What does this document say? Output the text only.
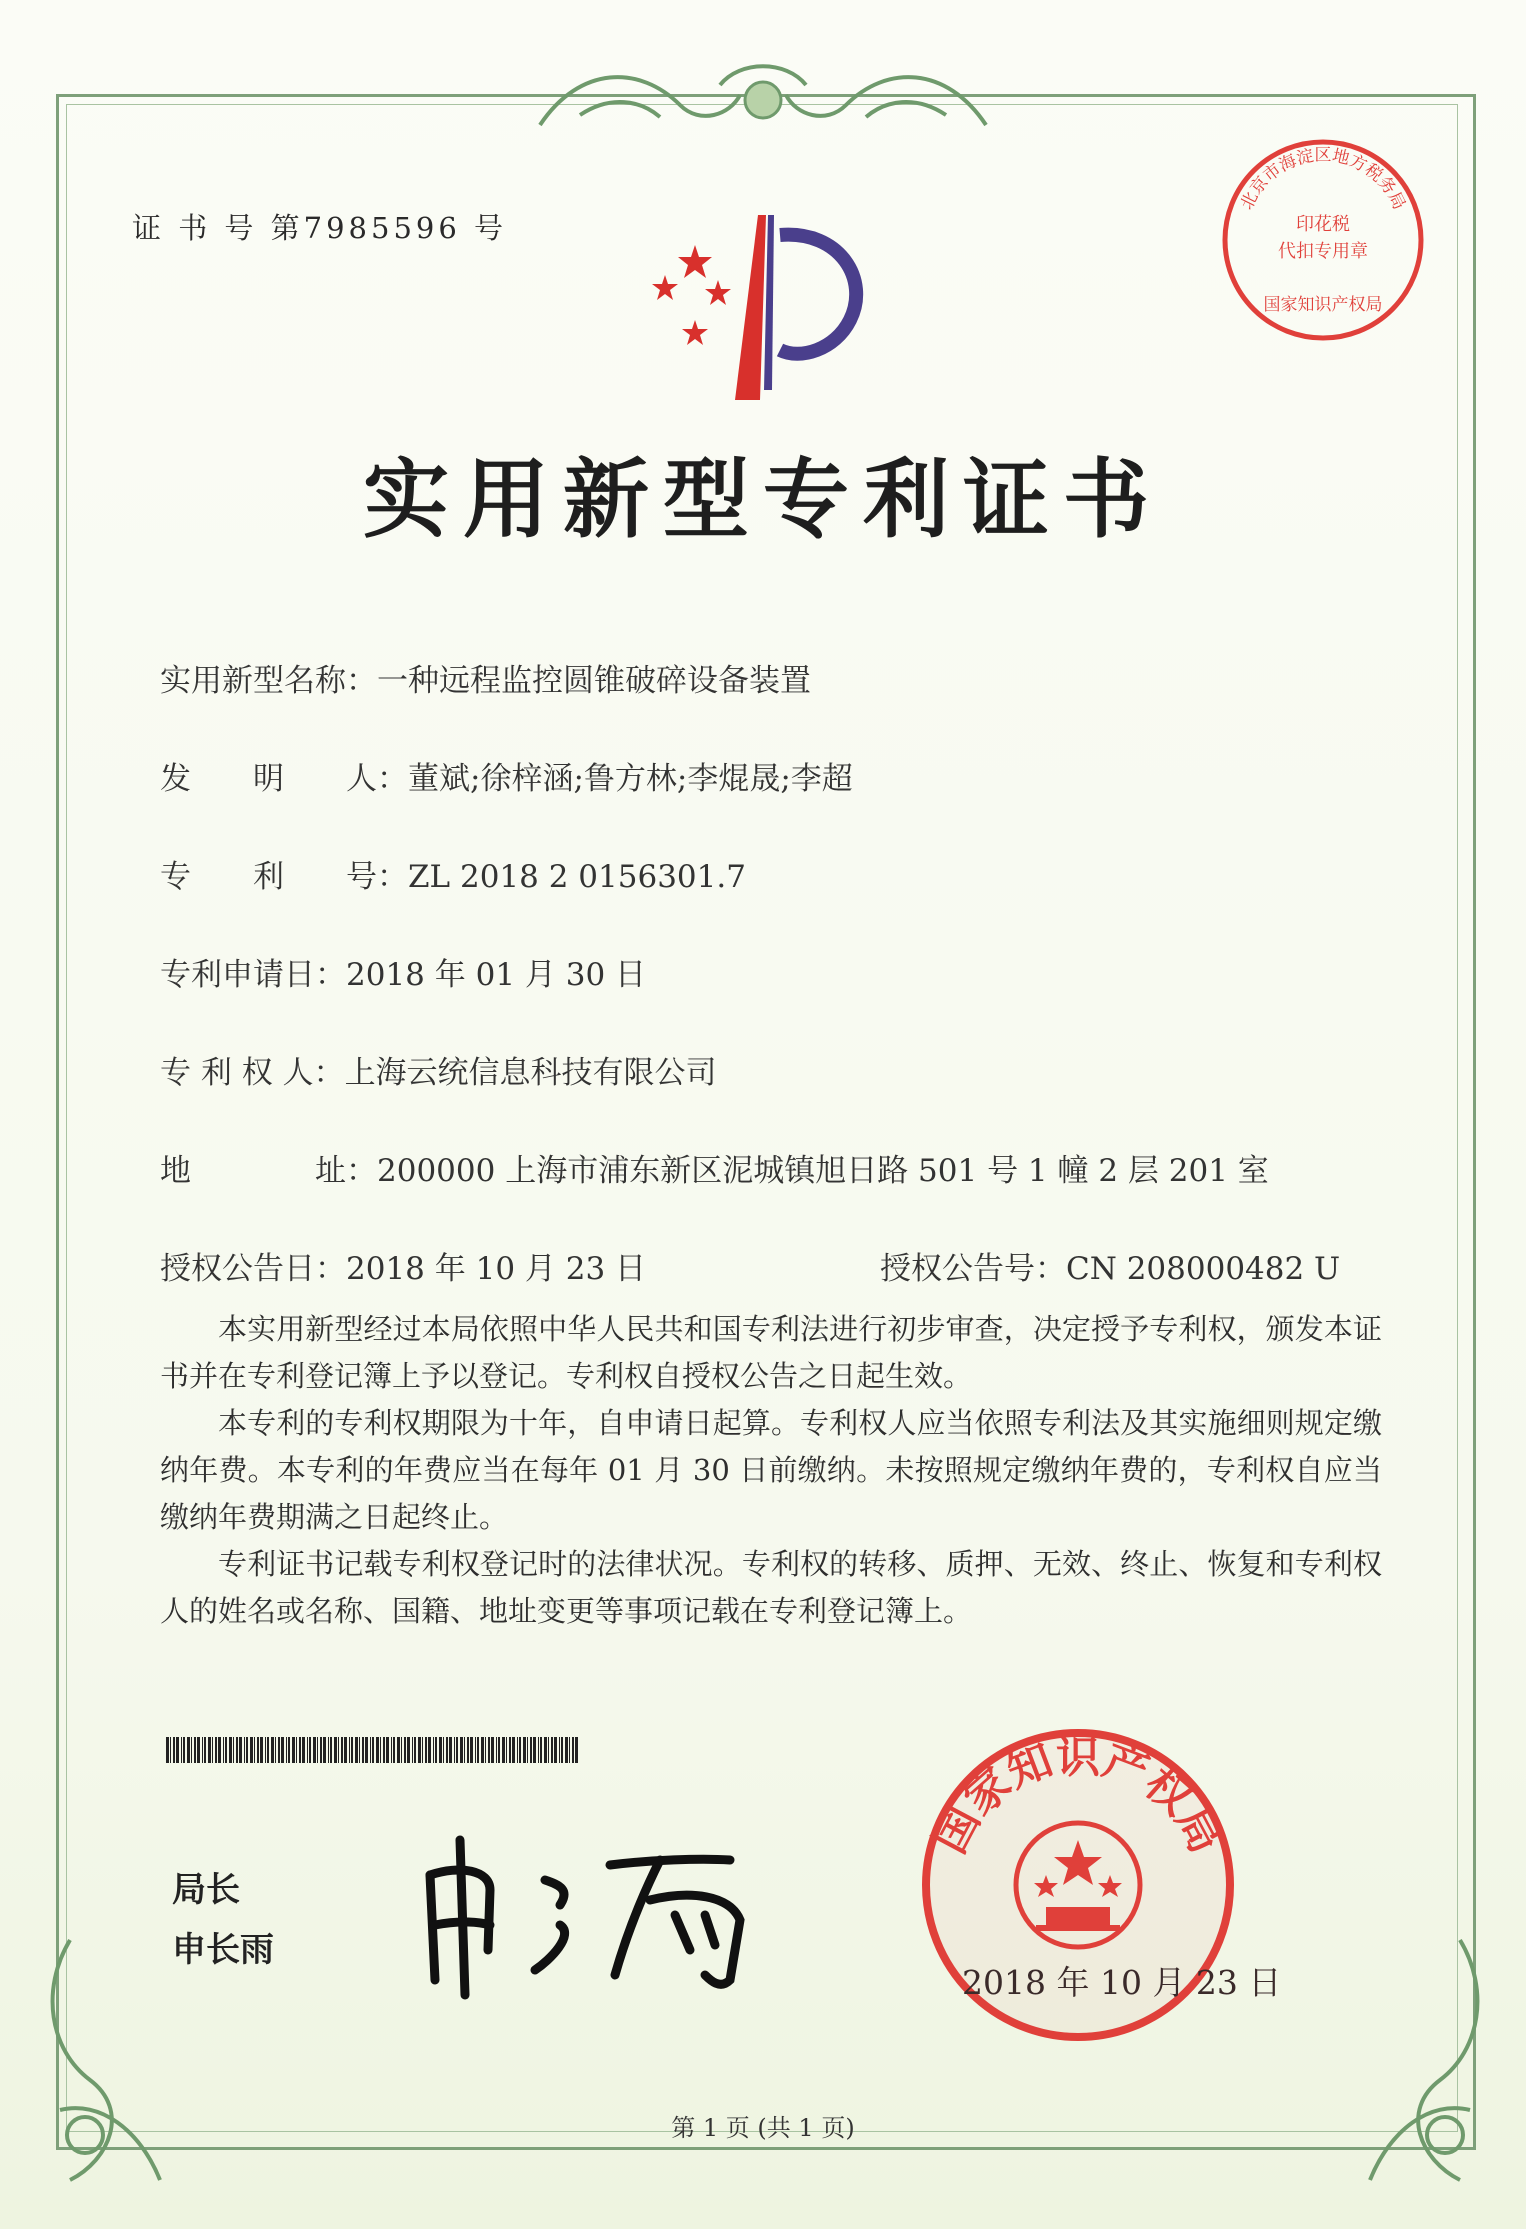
证 书 号 第7985596 号
实用新型专利证书
实用新型名称：一种远程监控圆锥破碎设备装置
发　　明　　人：董斌;徐梓涵;鲁方林;李焜晟;李超
专　　利　　号：ZL 2018 2 0156301.7
专利申请日：2018 年 01 月 30 日
专 利 权 人：上海云统信息科技有限公司
地　　　　址：200000 上海市浦东新区泥城镇旭日路 501 号 1 幢 2 层 201 室
授权公告日：2018 年 10 月 23 日	授权公告号：CN 208000482 U

本实用新型经过本局依照中华人民共和国专利法进行初步审查，决定授予专利权，颁发本证书并在专利登记簿上予以登记。专利权自授权公告之日起生效。

本专利的专利权期限为十年，自申请日起算。专利权人应当依照专利法及其实施细则规定缴纳年费。本专利的年费应当在每年 01 月 30 日前缴纳。未按照规定缴纳年费的，专利权自应当缴纳年费期满之日起终止。

专利证书记载专利权登记时的法律状况。专利权的转移、质押、无效、终止、恢复和专利权人的姓名或名称、国籍、地址变更等事项记载在专利登记簿上。

局长
申长雨
北京市海淀区地方税务局
印花税
代扣专用章
国家知识产权局
国家知识产权局
2018 年 10 月 23 日
第 1 页 (共 1 页)
